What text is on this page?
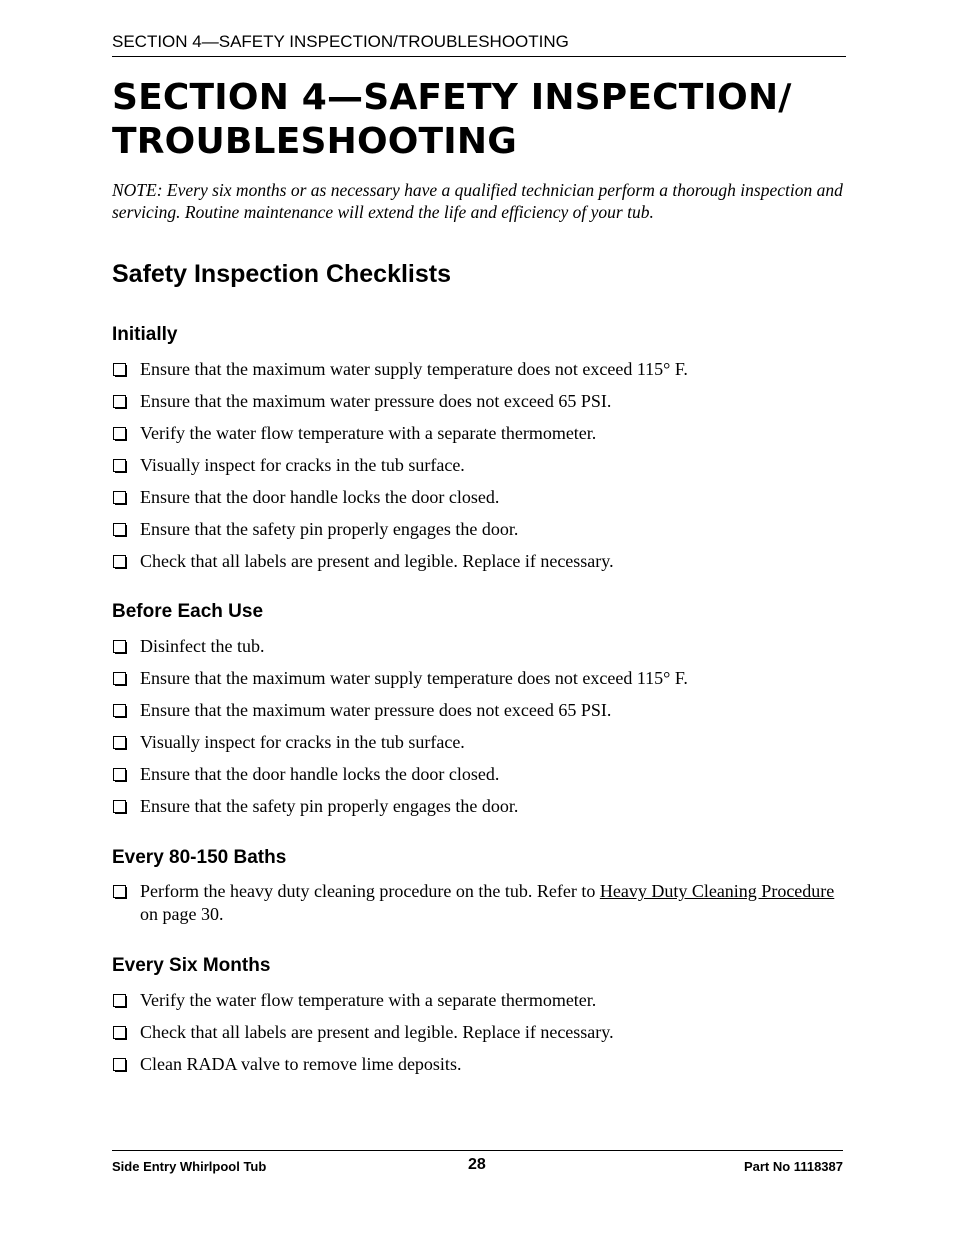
SECTION 4—SAFETY INSPECTION/TROUBLESHOOTING
SECTION 4—SAFETY INSPECTION/
TROUBLESHOOTING

NOTE: Every six months or as necessary have a qualified technician perform a thorough inspection and servicing. Routine maintenance will extend the life and efficiency of your tub.

Safety Inspection Checklists
Initially
Ensure that the maximum water supply temperature does not exceed 115° F.
Ensure that the maximum water pressure does not exceed 65 PSI.
Verify the water flow temperature with a separate thermometer.
Visually inspect for cracks in the tub surface.
Ensure that the door handle locks the door closed.
Ensure that the safety pin properly engages the door.
Check that all labels are present and legible. Replace if necessary.
Before Each Use
Disinfect the tub.
Ensure that the maximum water supply temperature does not exceed 115° F.
Ensure that the maximum water pressure does not exceed 65 PSI.
Visually inspect for cracks in the tub surface.
Ensure that the door handle locks the door closed.
Ensure that the safety pin properly engages the door.
Every 80-150 Baths
Perform the heavy duty cleaning procedure on the tub. Refer to Heavy Duty Cleaning Procedure on page 30.
Every Six Months
Verify the water flow temperature with a separate thermometer.
Check that all labels are present and legible. Replace if necessary.
Clean RADA valve to remove lime deposits.
Side Entry Whirlpool Tub	28	Part No 1118387
